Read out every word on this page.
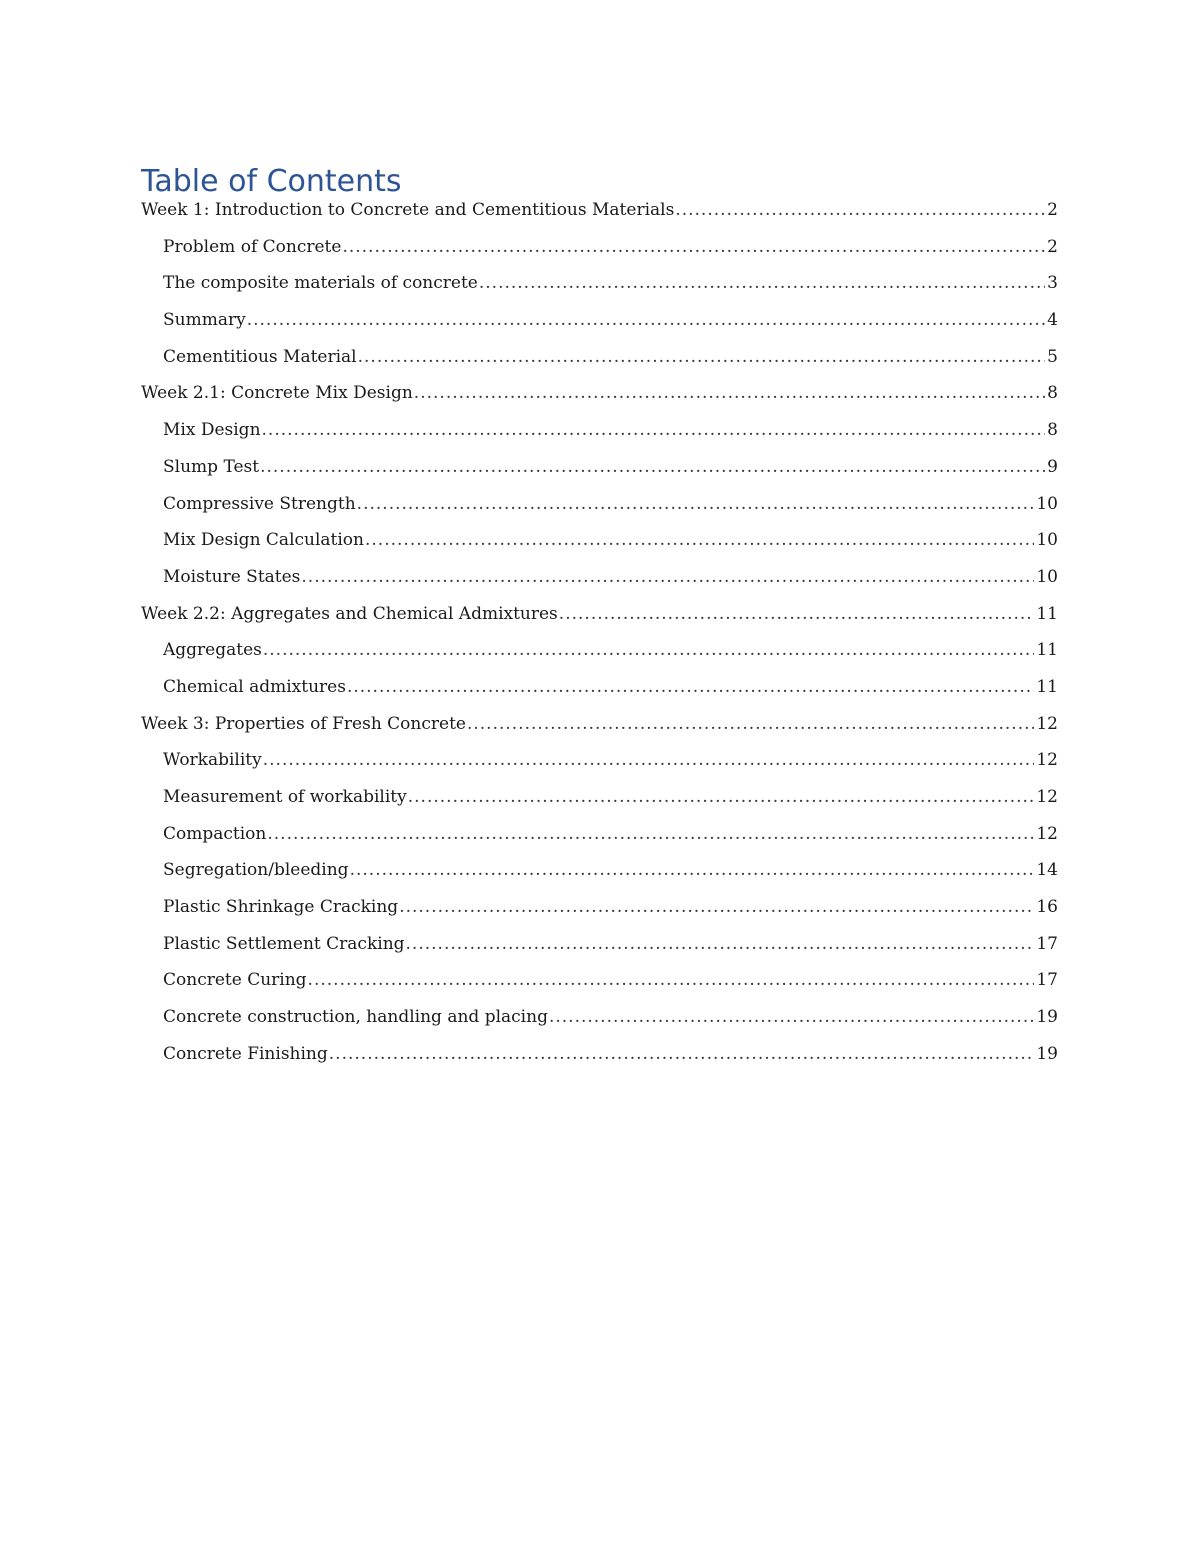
Table of Contents
Week 1: Introduction to Concrete and Cementitious Materials .....	2
Problem of Concrete .....	2
The composite materials of concrete .....	3
Summary .....	4
Cementitious Material .....	5
Week 2.1: Concrete Mix Design .....	8
Mix Design .....	8
Slump Test .....	9
Compressive Strength .....	10
Mix Design Calculation .....	10
Moisture States .....	10
Week 2.2: Aggregates and Chemical Admixtures .....	11
Aggregates .....	11
Chemical admixtures .....	11
Week 3: Properties of Fresh Concrete .....	12
Workability .....	12
Measurement of workability .....	12
Compaction .....	12
Segregation/bleeding .....	14
Plastic Shrinkage Cracking .....	16
Plastic Settlement Cracking .....	17
Concrete Curing .....	17
Concrete construction, handling and placing .....	19
Concrete Finishing .....	19
